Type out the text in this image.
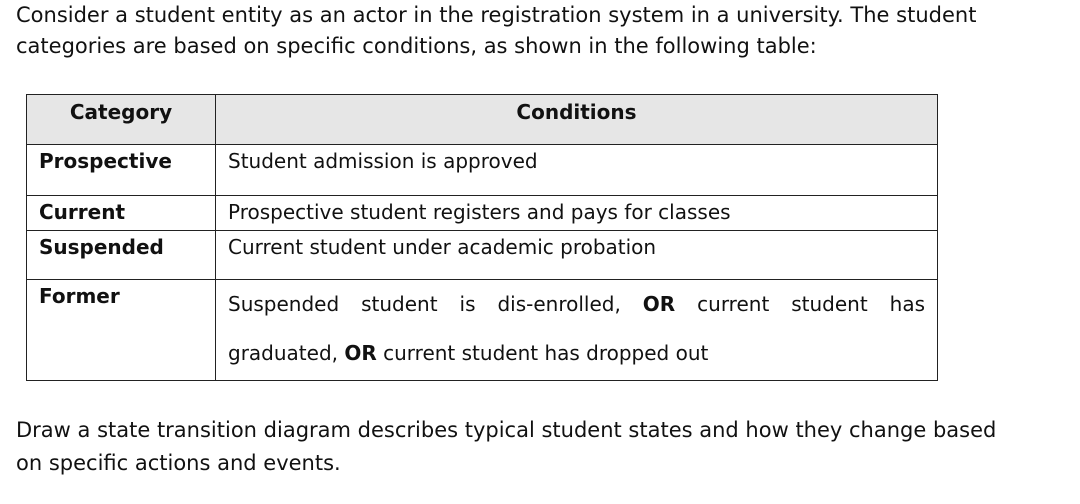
Consider a student entity as an actor in the registration system in a university. The student
categories are based on specific conditions, as shown in the following table:

Category	Conditions
Prospective	Student admission is approved
Current	Prospective student registers and pays for classes
Suspended	Current student under academic probation
Former	Suspended student is dis-enrolled, OR current student has
graduated, OR current student has dropped out

Draw a state transition diagram describes typical student states and how they change based
on specific actions and events.
